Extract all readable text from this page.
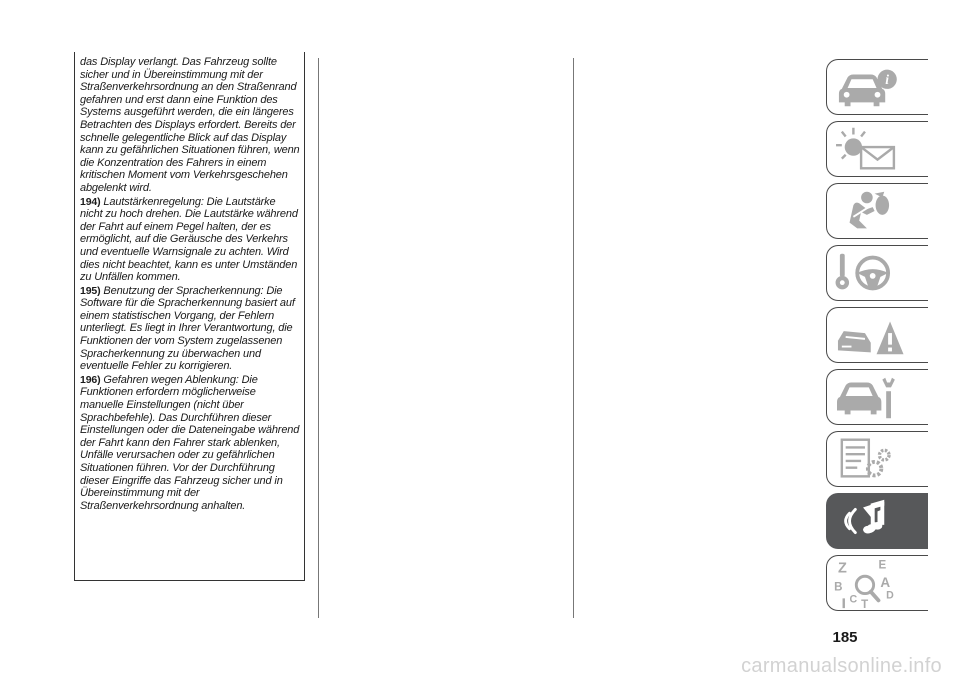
das Display verlangt. Das Fahrzeug sollte sicher und in Übereinstimmung mit der Straßenverkehrsordnung an den Straßenrand gefahren und erst dann eine Funktion des Systems ausgeführt werden, die ein längeres Betrachten des Displays erfordert. Bereits der schnelle gelegentliche Blick auf das Display kann zu gefährlichen Situationen führen, wenn die Konzentration des Fahrers in einem kritischen Moment vom Verkehrsgeschehen abgelenkt wird.

194) Lautstärkenregelung: Die Lautstärke nicht zu hoch drehen. Die Lautstärke während der Fahrt auf einem Pegel halten, der es ermöglicht, auf die Geräusche des Verkehrs und eventuelle Warnsignale zu achten. Wird dies nicht beachtet, kann es unter Umständen zu Unfällen kommen.

195) Benutzung der Spracherkennung: Die Software für die Spracherkennung basiert auf einem statistischen Vorgang, der Fehlern unterliegt. Es liegt in Ihrer Verantwortung, die Funktionen der vom System zugelassenen Spracherkennung zu überwachen und eventuelle Fehler zu korrigieren.

196) Gefahren wegen Ablenkung: Die Funktionen erfordern möglicherweise manuelle Einstellungen (nicht über Sprachbefehle). Das Durchführen dieser Einstellungen oder die Dateneingabe während der Fahrt kann den Fahrer stark ablenken, Unfälle verursachen oder zu gefährlichen Situationen führen. Vor der Durchführung dieser Eingriffe das Fahrzeug sicher und in Übereinstimmung mit der Straßenverkehrsordnung anhalten.

i
Z	E
B	A
C	D
T
185
carmanualsonline.info
